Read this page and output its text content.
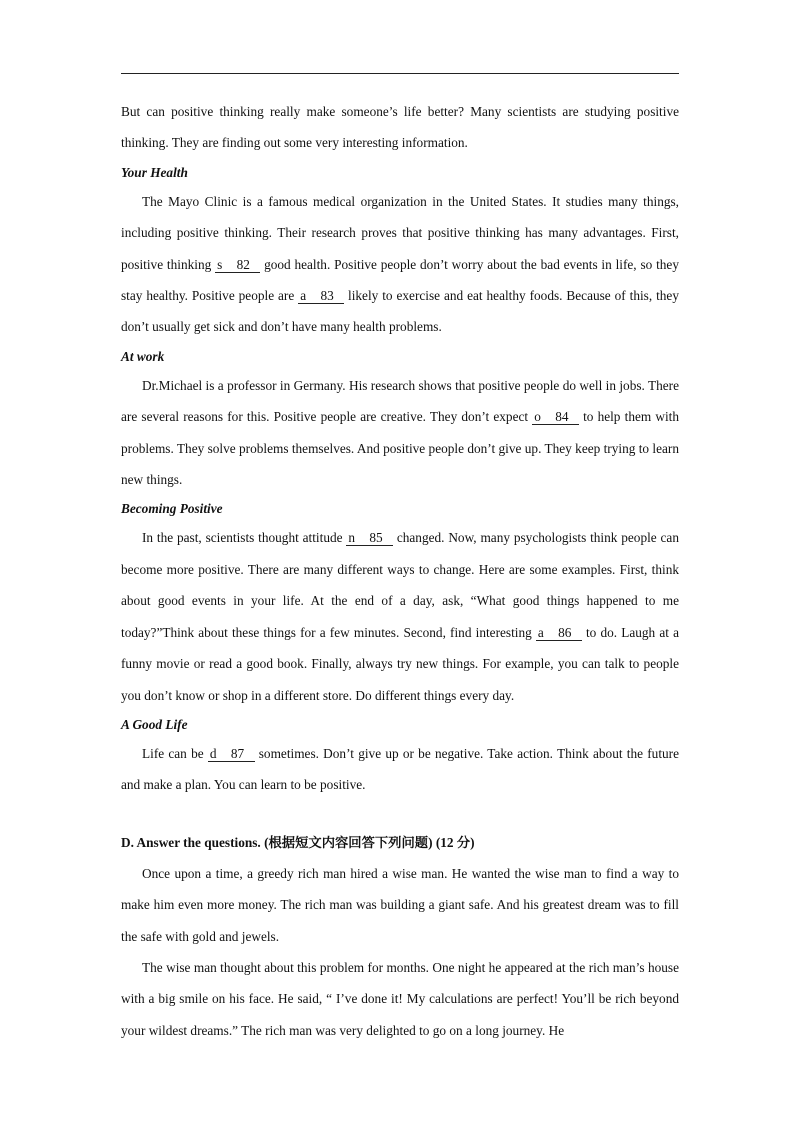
But can positive thinking really make someone’s life better? Many scientists are studying positive thinking. They are finding out some very interesting information.

Your Health

The Mayo Clinic is a famous medical organization in the United States. It studies many things, including positive thinking. Their research proves that positive thinking has many advantages. First, positive thinking s 82 good health. Positive people don’t worry about the bad events in life, so they stay healthy. Positive people are a 83 likely to exercise and eat healthy foods. Because of this, they don’t usually get sick and don’t have many health problems.

At work

Dr.Michael is a professor in Germany. His research shows that positive people do well in jobs. There are several reasons for this. Positive people are creative. They don’t expect o 84 to help them with problems. They solve problems themselves. And positive people don’t give up. They keep trying to learn new things.

Becoming Positive

In the past, scientists thought attitude n 85 changed. Now, many psychologists think people can become more positive. There are many different ways to change. Here are some examples. First, think about good events in your life. At the end of a day, ask, “What good things happened to me today?”Think about these things for a few minutes. Second, find interesting a 86 to do. Laugh at a funny movie or read a good book. Finally, always try new things. For example, you can talk to people you don’t know or shop in a different store. Do different things every day.

A Good Life

Life can be d 87 sometimes. Don’t give up or be negative. Take action. Think about the future and make a plan. You can learn to be positive.

D. Answer the questions. (根据短文内容回答下列问题) (12 分)

Once upon a time, a greedy rich man hired a wise man. He wanted the wise man to find a way to make him even more money. The rich man was building a giant safe. And his greatest dream was to fill the safe with gold and jewels.

The wise man thought about this problem for months. One night he appeared at the rich man’s house with a big smile on his face. He said, “ I’ve done it! My calculations are perfect! You’ll be rich beyond your wildest dreams.” The rich man was very delighted to go on a long journey. He
